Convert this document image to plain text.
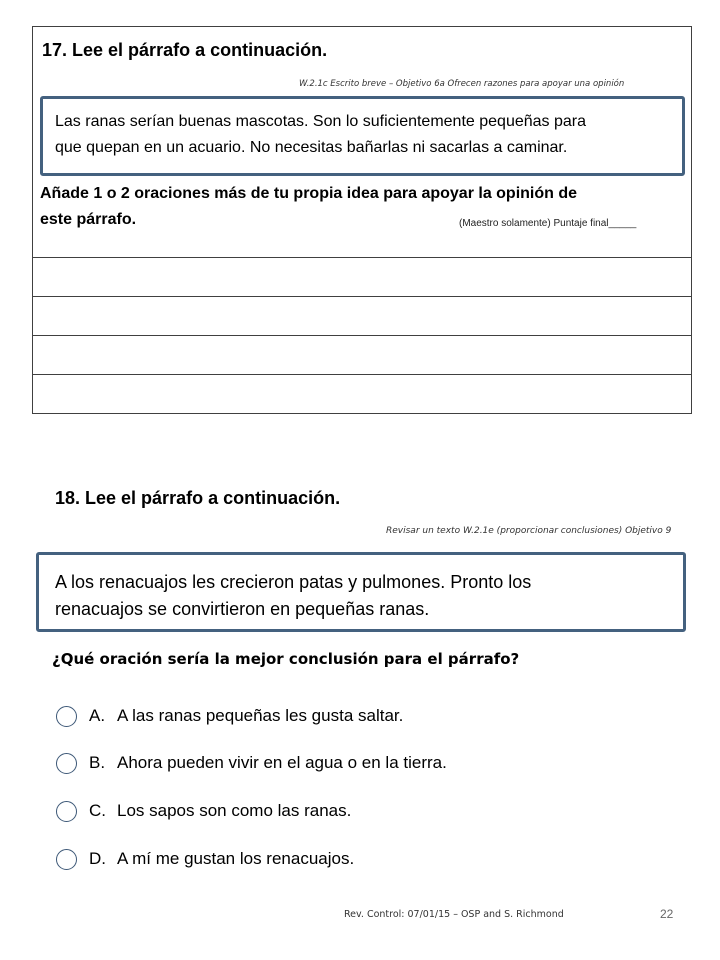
17. Lee el párrafo a continuación.
W.2.1c Escrito breve – Objetivo 6a Ofrecen razones para apoyar una opinión
Las ranas serían buenas mascotas. Son lo suficientemente pequeñas para
que quepan en un acuario. No necesitas bañarlas ni sacarlas a caminar.
Añade 1 o 2 oraciones más de tu propia idea para apoyar la opinión de
este párrafo.	(Maestro solamente) Puntaje final_____
18. Lee el párrafo a continuación.
Revisar un texto W.2.1e (proporcionar conclusiones) Objetivo 9
A los renacuajos les crecieron patas y pulmones. Pronto los
renacuajos se convirtieron en pequeñas ranas.
¿Qué oración sería la mejor conclusión para el párrafo?
A. A las ranas pequeñas les gusta saltar.
B. Ahora pueden vivir en el agua o en la tierra.
C. Los sapos son como las ranas.
D. A mí me gustan los renacuajos.
Rev. Control: 07/01/15 – OSP and S. Richmond	22
